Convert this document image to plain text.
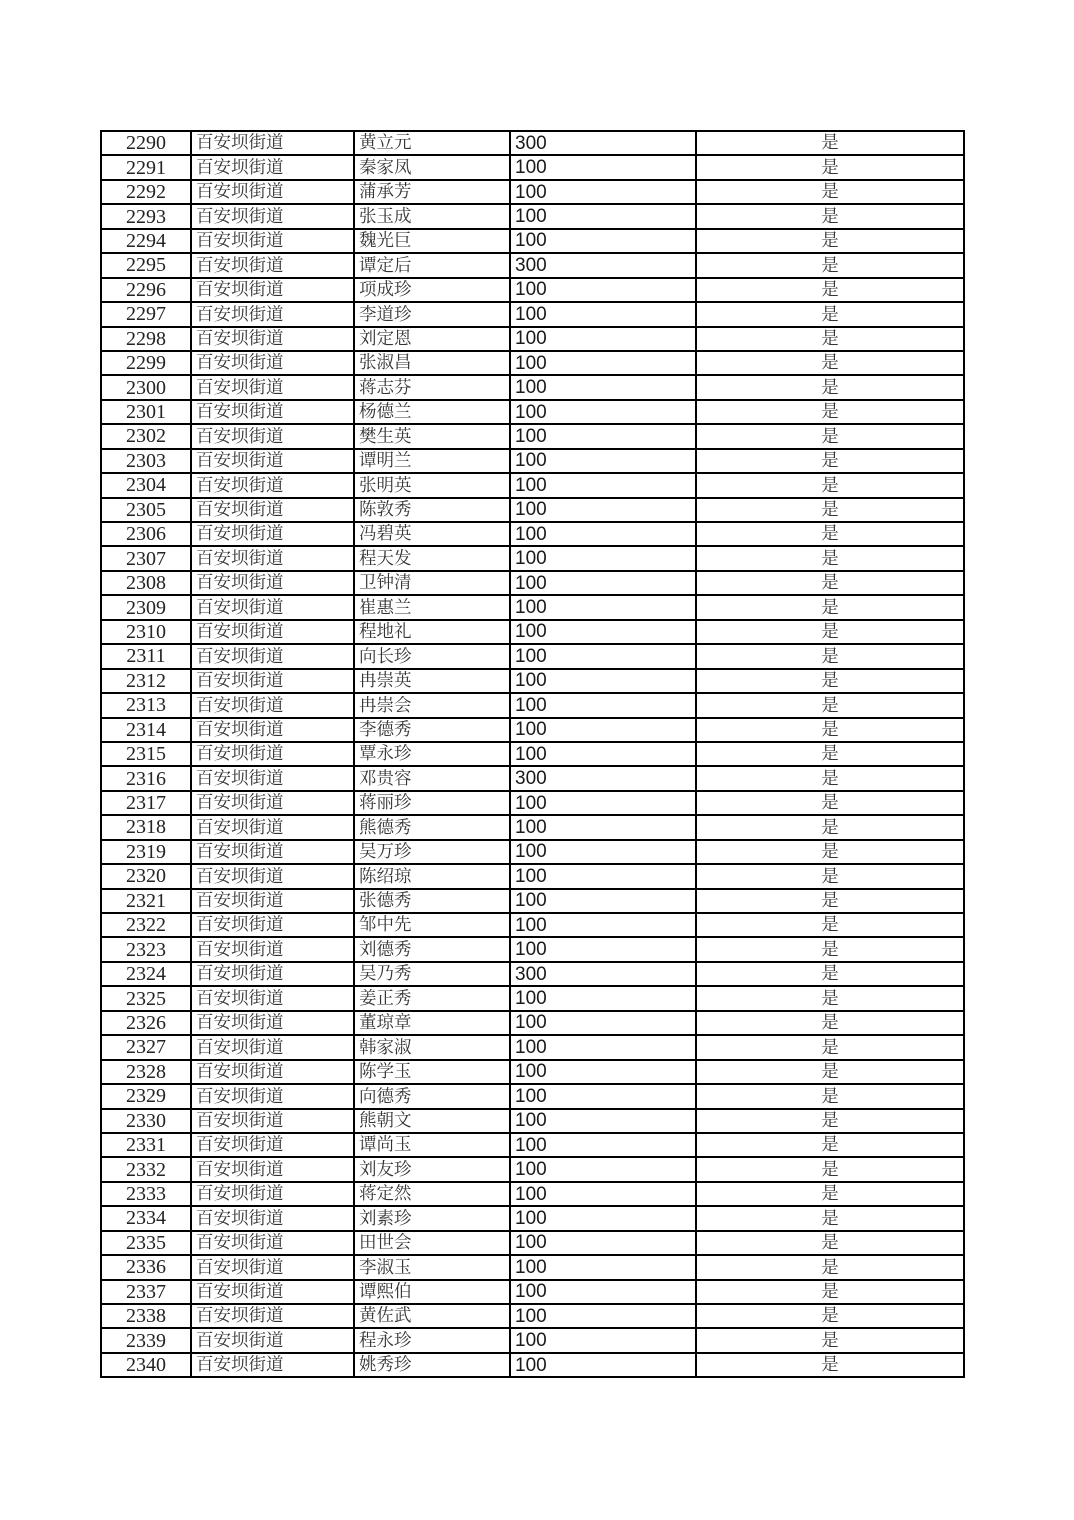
2290	百安坝街道	黄立元	300	是
2291	百安坝街道	秦家凤	100	是
2292	百安坝街道	蒲承芳	100	是
2293	百安坝街道	张玉成	100	是
2294	百安坝街道	魏光巨	100	是
2295	百安坝街道	谭定后	300	是
2296	百安坝街道	项成珍	100	是
2297	百安坝街道	李道珍	100	是
2298	百安坝街道	刘定恩	100	是
2299	百安坝街道	张淑昌	100	是
2300	百安坝街道	蒋志芬	100	是
2301	百安坝街道	杨德兰	100	是
2302	百安坝街道	樊生英	100	是
2303	百安坝街道	谭明兰	100	是
2304	百安坝街道	张明英	100	是
2305	百安坝街道	陈敦秀	100	是
2306	百安坝街道	冯碧英	100	是
2307	百安坝街道	程天发	100	是
2308	百安坝街道	卫钟清	100	是
2309	百安坝街道	崔惠兰	100	是
2310	百安坝街道	程地礼	100	是
2311	百安坝街道	向长珍	100	是
2312	百安坝街道	冉崇英	100	是
2313	百安坝街道	冉崇会	100	是
2314	百安坝街道	李德秀	100	是
2315	百安坝街道	覃永珍	100	是
2316	百安坝街道	邓贵容	300	是
2317	百安坝街道	蒋丽珍	100	是
2318	百安坝街道	熊德秀	100	是
2319	百安坝街道	吴万珍	100	是
2320	百安坝街道	陈绍琼	100	是
2321	百安坝街道	张德秀	100	是
2322	百安坝街道	邹中先	100	是
2323	百安坝街道	刘德秀	100	是
2324	百安坝街道	吴乃秀	300	是
2325	百安坝街道	姜正秀	100	是
2326	百安坝街道	董琼章	100	是
2327	百安坝街道	韩家淑	100	是
2328	百安坝街道	陈学玉	100	是
2329	百安坝街道	向德秀	100	是
2330	百安坝街道	熊朝文	100	是
2331	百安坝街道	谭尚玉	100	是
2332	百安坝街道	刘友珍	100	是
2333	百安坝街道	蒋定然	100	是
2334	百安坝街道	刘素珍	100	是
2335	百安坝街道	田世会	100	是
2336	百安坝街道	李淑玉	100	是
2337	百安坝街道	谭熙伯	100	是
2338	百安坝街道	黄佐武	100	是
2339	百安坝街道	程永珍	100	是
2340	百安坝街道	姚秀珍	100	是
